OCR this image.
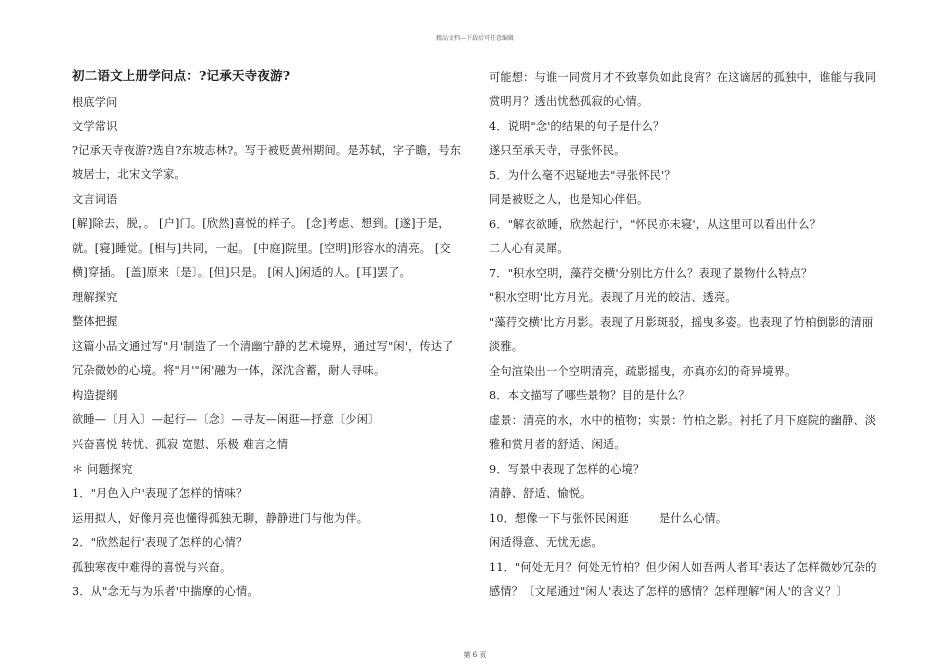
精品文档---下载后可任意编辑
初二语文上册学问点：?记承天寺夜游?
根底学问
文学常识
?记承天寺夜游?选自?东坡志林?。写于被贬黄州期间。是苏轼，字子瞻，号东
坡居士，北宋文学家。
文言词语
[解]除去，脱，。 [户]门。[欣然]喜悦的样子。 [念]考虑、想到。[遂]于是，
就。[寝]睡觉。[相与]共同，一起。 [中庭]院里。[空明]形容水的清亮。 [交
横]穿插。 [盖]原来〔是〕。[但]只是。 [闲人]闲适的人。[耳]罢了。
理解探究
整体把握
这篇小品文通过写"月'制造了一个清幽宁静的艺术境界，通过写"闲'，传达了
冗杂微妙的心境。将"月'"闲'融为一体，深沈含蓄，耐人寻味。
构造提纲
欲睡—〔月入〕—起行—〔念〕—寻友—闲逛—抒意〔少闲〕
兴奋喜悦 转忧、孤寂 宽慰、乐极 难言之情
＊ 问题探究
1．"月色入户'表现了怎样的情味？
运用拟人，好像月亮也懂得孤独无聊，静静进门与他为伴。
2．"欣然起行'表现了怎样的心情？
孤独寒夜中难得的喜悦与兴奋。
3．从"念无与为乐者'中揣摩的心情。
可能想：与谁一同赏月才不致辜负如此良宵？在这谪居的孤独中，谁能与我同
赏明月？透出忧愁孤寂的心情。
4．说明"念'的结果的句子是什么？
遂只至承天寺，寻张怀民。
5．为什么毫不迟疑地去"寻张怀民'？
同是被贬之人，也是知心伴侣。
6．"解衣欲睡，欣然起行'，"怀民亦未寝'，从这里可以看出什么？
二人心有灵犀。
7．"积水空明，藻荇交横'分别比方什么？表现了景物什么特点？
"积水空明'比方月光。表现了月光的皎洁、透亮。
"藻荇交横'比方月影。表现了月影斑驳，摇曳多姿。也表现了竹柏倒影的清丽
淡雅。
全句渲染出一个空明清亮，疏影摇曳，亦真亦幻的奇异境界。
8．本文描写了哪些景物？目的是什么？
虚景：清亮的水，水中的植物；实景：竹柏之影。衬托了月下庭院的幽静、淡
雅和赏月者的舒适、闲适。
9．写景中表现了怎样的心境？
清静、舒适、愉悦。
10．想像一下与张怀民闲逛        是什么心情。
闲适得意、无忧无虑。
11．"何处无月？何处无竹柏？但少闲人如吾两人者耳'表达了怎样微妙冗杂的
感情？〔文尾通过"闲人'表达了怎样的感情？怎样理解"闲人'的含义？〕
第 6 页
